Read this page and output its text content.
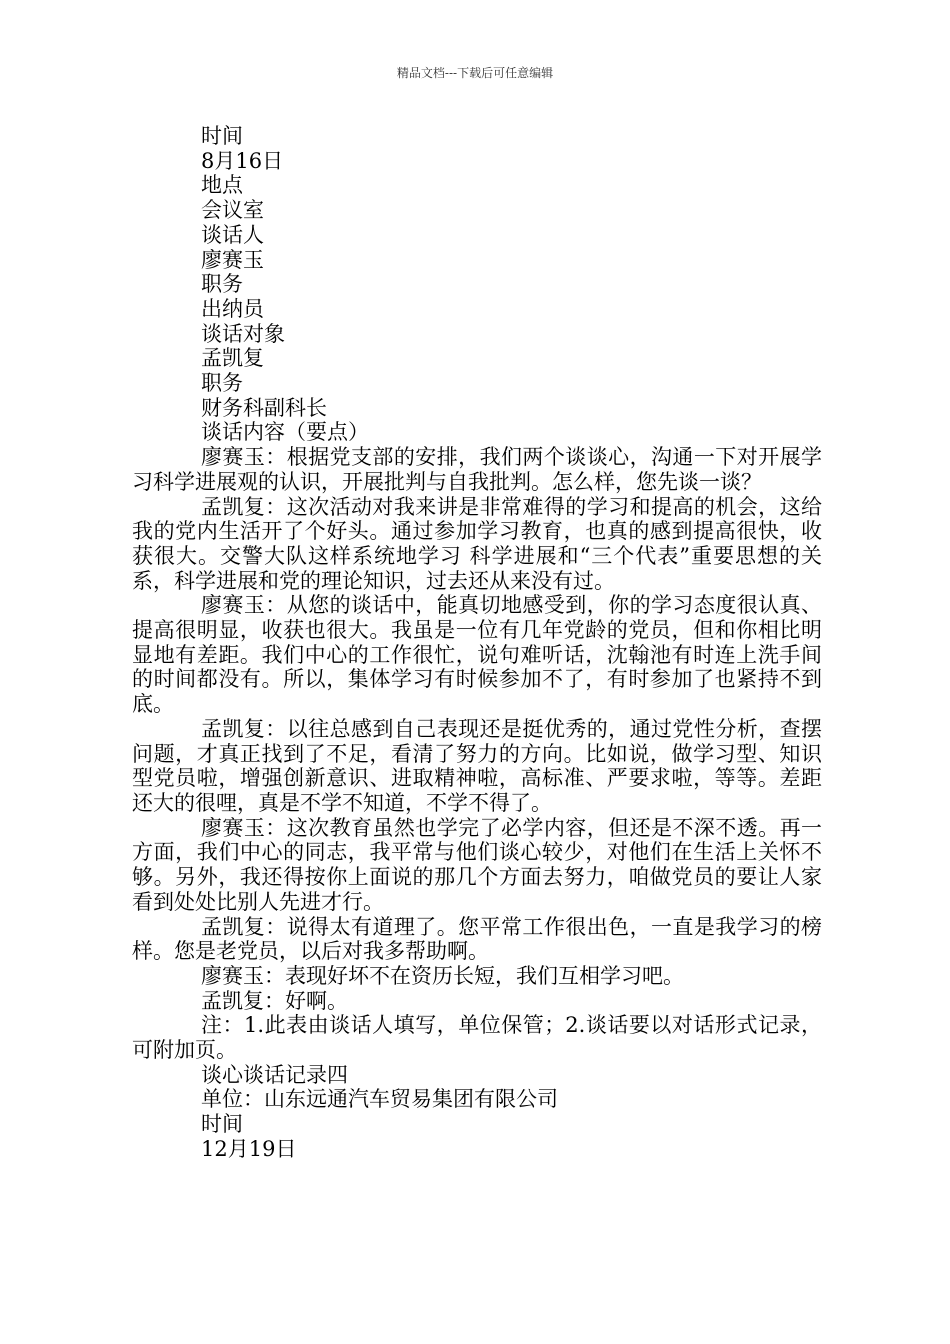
精品文档---下载后可任意编辑

时间

8月16日

地点

会议室

谈话人

廖赛玉

职务

出纳员

谈话对象

孟凯复

职务

财务科副科长

谈话内容（要点）

廖赛玉：根据党支部的安排，我们两个谈谈心，沟通一下对开展学习科学进展观的认识，开展批判与自我批判。怎么样，您先谈一谈？

孟凯复：这次活动对我来讲是非常难得的学习和提高的机会，这给我的党内生活开了个好头。通过参加学习教育，也真的感到提高很快，收获很大。交警大队这样系统地学习 科学进展和“三个代表”重要思想的关系，科学进展和党的理论知识，过去还从来没有过。

廖赛玉：从您的谈话中，能真切地感受到，你的学习态度很认真、提高很明显，收获也很大。我虽是一位有几年党龄的党员，但和你相比明显地有差距。我们中心的工作很忙，说句难听话，沈翰池有时连上洗手间的时间都没有。所以，集体学习有时候参加不了，有时参加了也紧持不到底。

孟凯复：以往总感到自己表现还是挺优秀的，通过党性分析，查摆问题，才真正找到了不足，看清了努力的方向。比如说，做学习型、知识型党员啦，增强创新意识、进取精神啦，高标准、严要求啦，等等。差距还大的很哩，真是不学不知道，不学不得了。

廖赛玉：这次教育虽然也学完了必学内容，但还是不深不透。再一方面，我们中心的同志，我平常与他们谈心较少，对他们在生活上关怀不够。另外，我还得按你上面说的那几个方面去努力，咱做党员的要让人家看到处处比别人先进才行。

孟凯复：说得太有道理了。您平常工作很出色，一直是我学习的榜样。您是老党员，以后对我多帮助啊。

廖赛玉：表现好坏不在资历长短，我们互相学习吧。

孟凯复：好啊。

注：1.此表由谈话人填写，单位保管；2.谈话要以对话形式记录，可附加页。

谈心谈话记录四

单位：山东远通汽车贸易集团有限公司

时间

12月19日
